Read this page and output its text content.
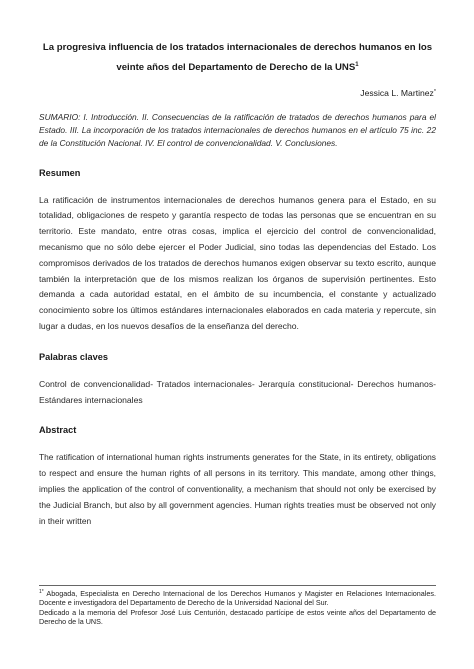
La progresiva influencia de los tratados internacionales de derechos humanos en los veinte años del Departamento de Derecho de la UNS$^1$
Jessica L. Martinez*

SUMARIO: I. Introducción. II. Consecuencias de la ratificación de tratados de derechos humanos para el Estado. III. La incorporación de los tratados internacionales de derechos humanos en el artículo 75 inc. 22 de la Constitución Nacional. IV. El control de convencionalidad. V. Conclusiones.

Resumen

La ratificación de instrumentos internacionales de derechos humanos genera para el Estado, en su totalidad, obligaciones de respeto y garantía respecto de todas las personas que se encuentran en su territorio. Este mandato, entre otras cosas, implica el ejercicio del control de convencionalidad, mecanismo que no sólo debe ejercer el Poder Judicial, sino todas las dependencias del Estado. Los compromisos derivados de los tratados de derechos humanos exigen observar su texto escrito, aunque también la interpretación que de los mismos realizan los órganos de supervisión pertinentes. Esto demanda a cada autoridad estatal, en el ámbito de su incumbencia, el constante y actualizado conocimiento sobre los últimos estándares internacionales elaborados en cada materia y repercute, sin lugar a dudas, en los nuevos desafíos de la enseñanza del derecho.

Palabras claves

Control de convencionalidad- Tratados internacionales- Jerarquía constitucional- Derechos humanos- Estándares internacionales

Abstract

The ratification of international human rights instruments generates for the State, in its entirety, obligations to respect and ensure the human rights of all persons in its territory. This mandate, among other things, implies the application of the control of conventionality, a mechanism that should not only be exercised by the Judicial Branch, but also by all government agencies. Human rights treaties must be observed not only in their written

$^{1*}$ Abogada, Especialista en Derecho Internacional de los Derechos Humanos y Magister en Relaciones Internacionales. Docente e investigadora del Departamento de Derecho de la Universidad Nacional del Sur.
Dedicado a la memoria del Profesor José Luis Centurión, destacado partícipe de estos veinte años del Departamento de Derecho de la UNS.
